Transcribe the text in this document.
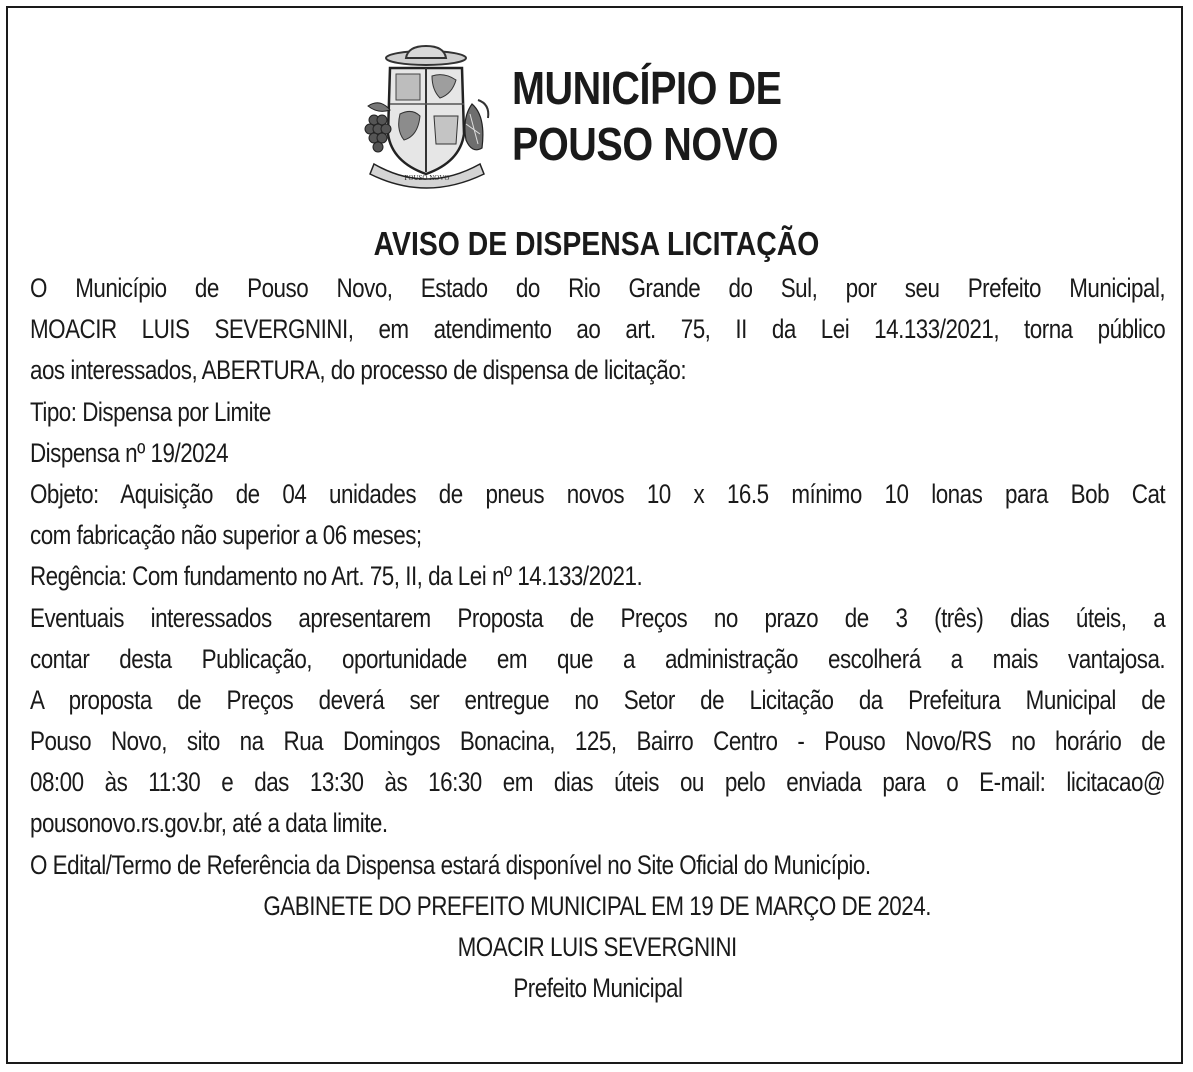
POUSO NOVO
MUNICÍPIO DE
POUSO NOVO
AVISO DE DISPENSA LICITAÇÃO
O Município de Pouso Novo, Estado do Rio Grande do Sul, por seu Prefeito Municipal,
MOACIR LUIS SEVERGNINI, em atendimento ao art. 75, II da Lei 14.133/2021, torna público
aos interessados, ABERTURA, do processo de dispensa de licitação:
Tipo: Dispensa por Limite
Dispensa nº 19/2024
Objeto: Aquisição de 04 unidades de pneus novos 10 x 16.5 mínimo 10 lonas para Bob Cat
com fabricação não superior a 06 meses;
Regência: Com fundamento no Art. 75, II, da Lei nº 14.133/2021.
Eventuais interessados apresentarem Proposta de Preços no prazo de 3 (três) dias úteis, a
contar desta Publicação, oportunidade em que a administração escolherá a mais vantajosa.
A proposta de Preços deverá ser entregue no Setor de Licitação da Prefeitura Municipal de
Pouso Novo, sito na Rua Domingos Bonacina, 125, Bairro Centro - Pouso Novo/RS no horário de
08:00 às 11:30 e das 13:30 às 16:30 em dias úteis ou pelo enviada para o E-mail: licitacao@
pousonovo.rs.gov.br, até a data limite.
O Edital/Termo de Referência da Dispensa estará disponível no Site Oficial do Município.
GABINETE DO PREFEITO MUNICIPAL EM 19 DE MARÇO DE 2024.
MOACIR LUIS SEVERGNINI
Prefeito Municipal
